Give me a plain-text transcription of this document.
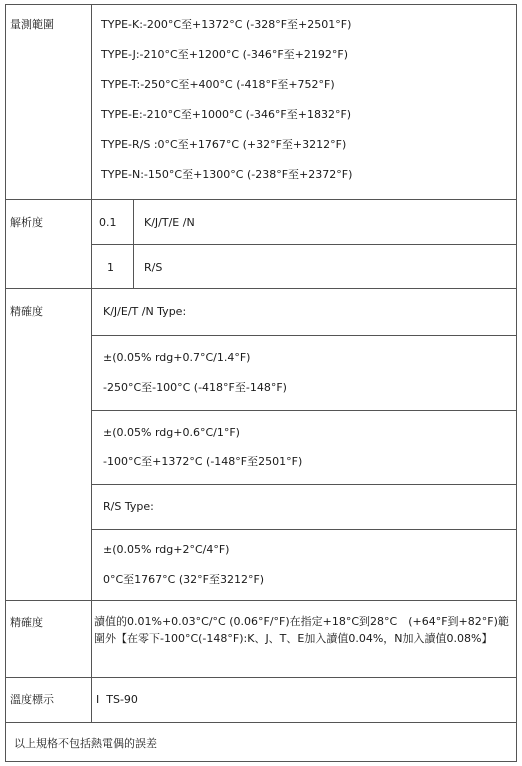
量測範圍	TYPE-K:-200°C至+1372°C (-328°F至+2501°F)
TYPE-J:-210°C至+1200°C (-346°F至+2192°F)
TYPE-T:-250°C至+400°C (-418°F至+752°F)
TYPE-E:-210°C至+1000°C (-346°F至+1832°F)
TYPE-R/S :0°C至+1767°C (+32°F至+3212°F)
TYPE-N:-150°C至+1300°C (-238°F至+2372°F)
解析度	0.1	K/J/T/E /N
1	R/S
精確度	K/J/E/T /N Type:
±(0.05% rdg+0.7°C/1.4°F)
-250°C至-100°C (-418°F至-148°F)
±(0.05% rdg+0.6°C/1°F)
-100°C至+1372°C (-148°F至2501°F)
R/S Type:
±(0.05% rdg+2°C/4°F)
0°C至1767°C (32°F至3212°F)
精確度	讀值的0.01%+0.03°C/°C (0.06°F/°F)在指定+18°C到28°C　(+64°F到+82°F)範圍外【在零下-100°C(-148°F):K、J、T、E加入讀值0.04%，N加入讀值0.08%】
溫度標示	I  TS-90
以上規格不包括熱電偶的誤差
